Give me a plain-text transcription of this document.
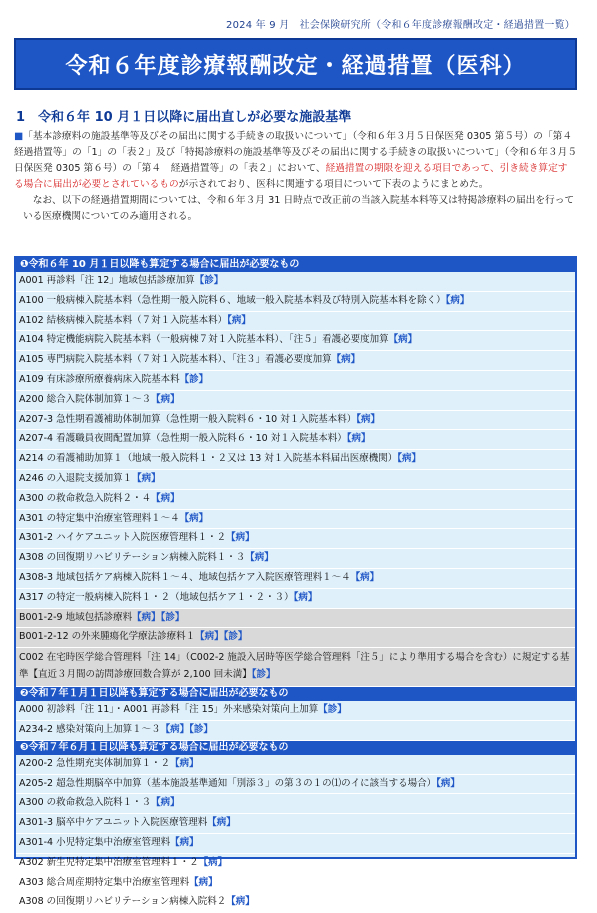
2024 年 9 月　社会保険研究所（令和６年度診療報酬改定・経過措置一覧）
令和６年度診療報酬改定・経過措置（医科）
1　令和６年 10 月１日以降に届出直しが必要な施設基準

■「基本診療料の施設基準等及びその届出に関する手続きの取扱いについて」（令和６年３月５日保医発 0305 第５号）の「第４　経過措置等」の「1」の「表２」及び「特掲診療料の施設基準等及びその届出に関する手続きの取扱いについて」（令和６年３月５日保医発 0305 第６号）の「第４　経過措置等」の「表２」において、経過措置の期限を迎える項目であって、引き続き算定する場合に届出が必要とされているものが示されており、医科に関連する項目について下表のようにまとめた。

なお、以下の経過措置期間については、令和６年３月 31 日時点で改正前の当該入院基本料等又は特掲診療料の届出を行っている医療機関についてのみ適用される。

❶令和６年 10 月１日以降も算定する場合に届出が必要なもの
A001 再診料「注 12」地域包括診療加算【診】
A100 一般病棟入院基本料（急性期一般入院料６、地域一般入院基本料及び特別入院基本料を除く）【病】
A102 結核病棟入院基本料（７対１入院基本料）【病】
A104 特定機能病院入院基本料（一般病棟７対１入院基本料）、「注５」看護必要度加算【病】
A105 専門病院入院基本料（７対１入院基本料）、「注３」看護必要度加算【病】
A109 有床診療所療養病床入院基本料【診】
A200 総合入院体制加算１～３【病】
A207-3 急性期看護補助体制加算（急性期一般入院料６・10 対１入院基本料）【病】
A207-4 看護職員夜間配置加算（急性期一般入院料６・10 対１入院基本料）【病】
A214 の看護補助加算１（地域一般入院料１・２又は 13 対１入院基本料届出医療機関）【病】
A246 の入退院支援加算１【病】
A300 の救命救急入院料２・４【病】
A301 の特定集中治療室管理料１～４【病】
A301-2 ハイケアユニット入院医療管理料１・２【病】
A308 の回復期リハビリテーション病棟入院料１・３【病】
A308-3 地域包括ケア病棟入院料１～４、地域包括ケア入院医療管理料１～４【病】
A317 の特定一般病棟入院料１・２（地域包括ケア１・２・３）【病】
B001-2-9 地域包括診療料【病】【診】
B001-2-12 の外来腫瘍化学療法診療料１【病】【診】
C002 在宅時医学総合管理料「注 14」（C002-2 施設入居時等医学総合管理料「注５」により準用する場合を含む）に規定する基準【直近３月間の訪問診療回数合算が 2,100 回未満】【診】
❷令和７年１月１日以降も算定する場合に届出が必要なもの
A000 初診料「注 11」・A001 再診料「注 15」外来感染対策向上加算【診】
A234-2 感染対策向上加算１～３【病】【診】
❸令和７年６月１日以降も算定する場合に届出が必要なもの
A200-2 急性期充実体制加算１・２【病】
A205-2 超急性期脳卒中加算（基本施設基準通知「別添３」の第３の１の⑴のイに該当する場合）【病】
A300 の救命救急入院料１・３【病】
A301-3 脳卒中ケアユニット入院医療管理料【病】
A301-4 小児特定集中治療室管理料【病】
A302 新生児特定集中治療室管理料１・２【病】
A303 総合周産期特定集中治療室管理料【病】
A308 の回復期リハビリテーション病棟入院料２【病】
